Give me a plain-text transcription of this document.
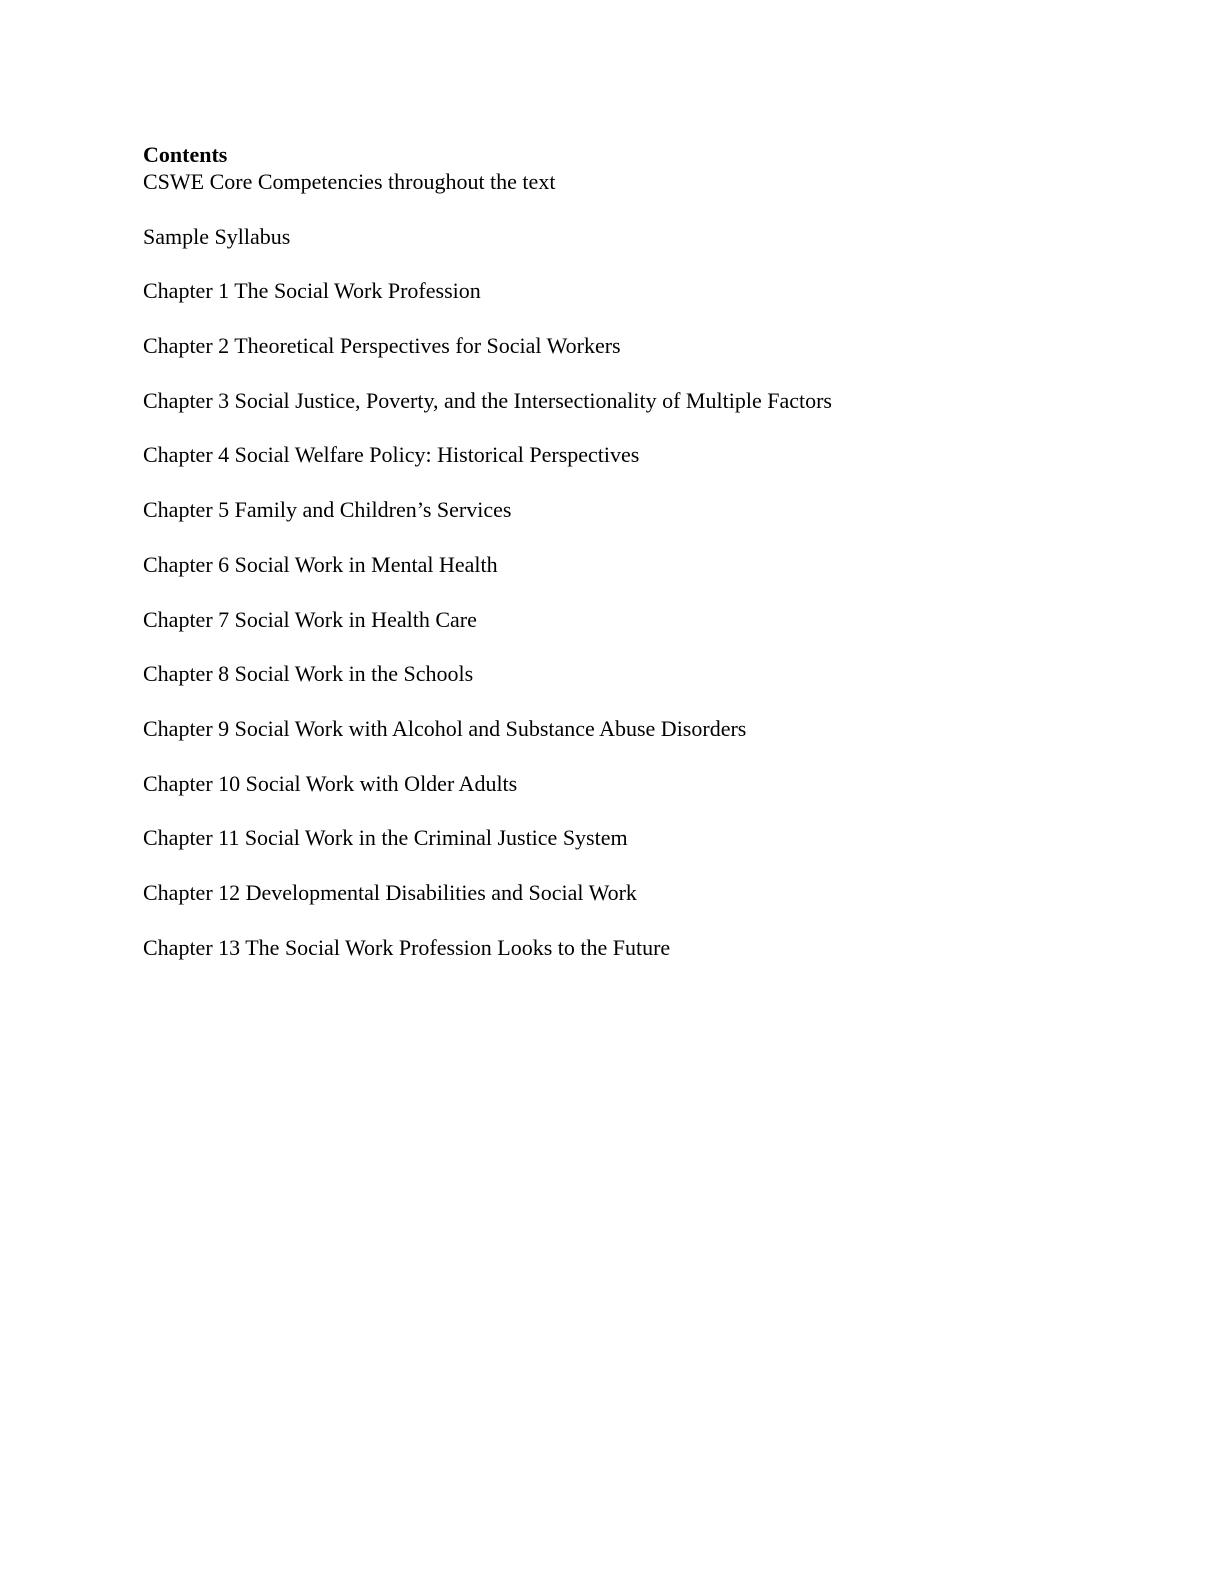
Contents
CSWE Core Competencies throughout the text
Sample Syllabus
Chapter 1 The Social Work Profession
Chapter 2 Theoretical Perspectives for Social Workers
Chapter 3 Social Justice, Poverty, and the Intersectionality of Multiple Factors
Chapter 4 Social Welfare Policy: Historical Perspectives
Chapter 5 Family and Children’s Services
Chapter 6 Social Work in Mental Health
Chapter 7 Social Work in Health Care
Chapter 8 Social Work in the Schools
Chapter 9 Social Work with Alcohol and Substance Abuse Disorders
Chapter 10 Social Work with Older Adults
Chapter 11 Social Work in the Criminal Justice System
Chapter 12 Developmental Disabilities and Social Work
Chapter 13 The Social Work Profession Looks to the Future
